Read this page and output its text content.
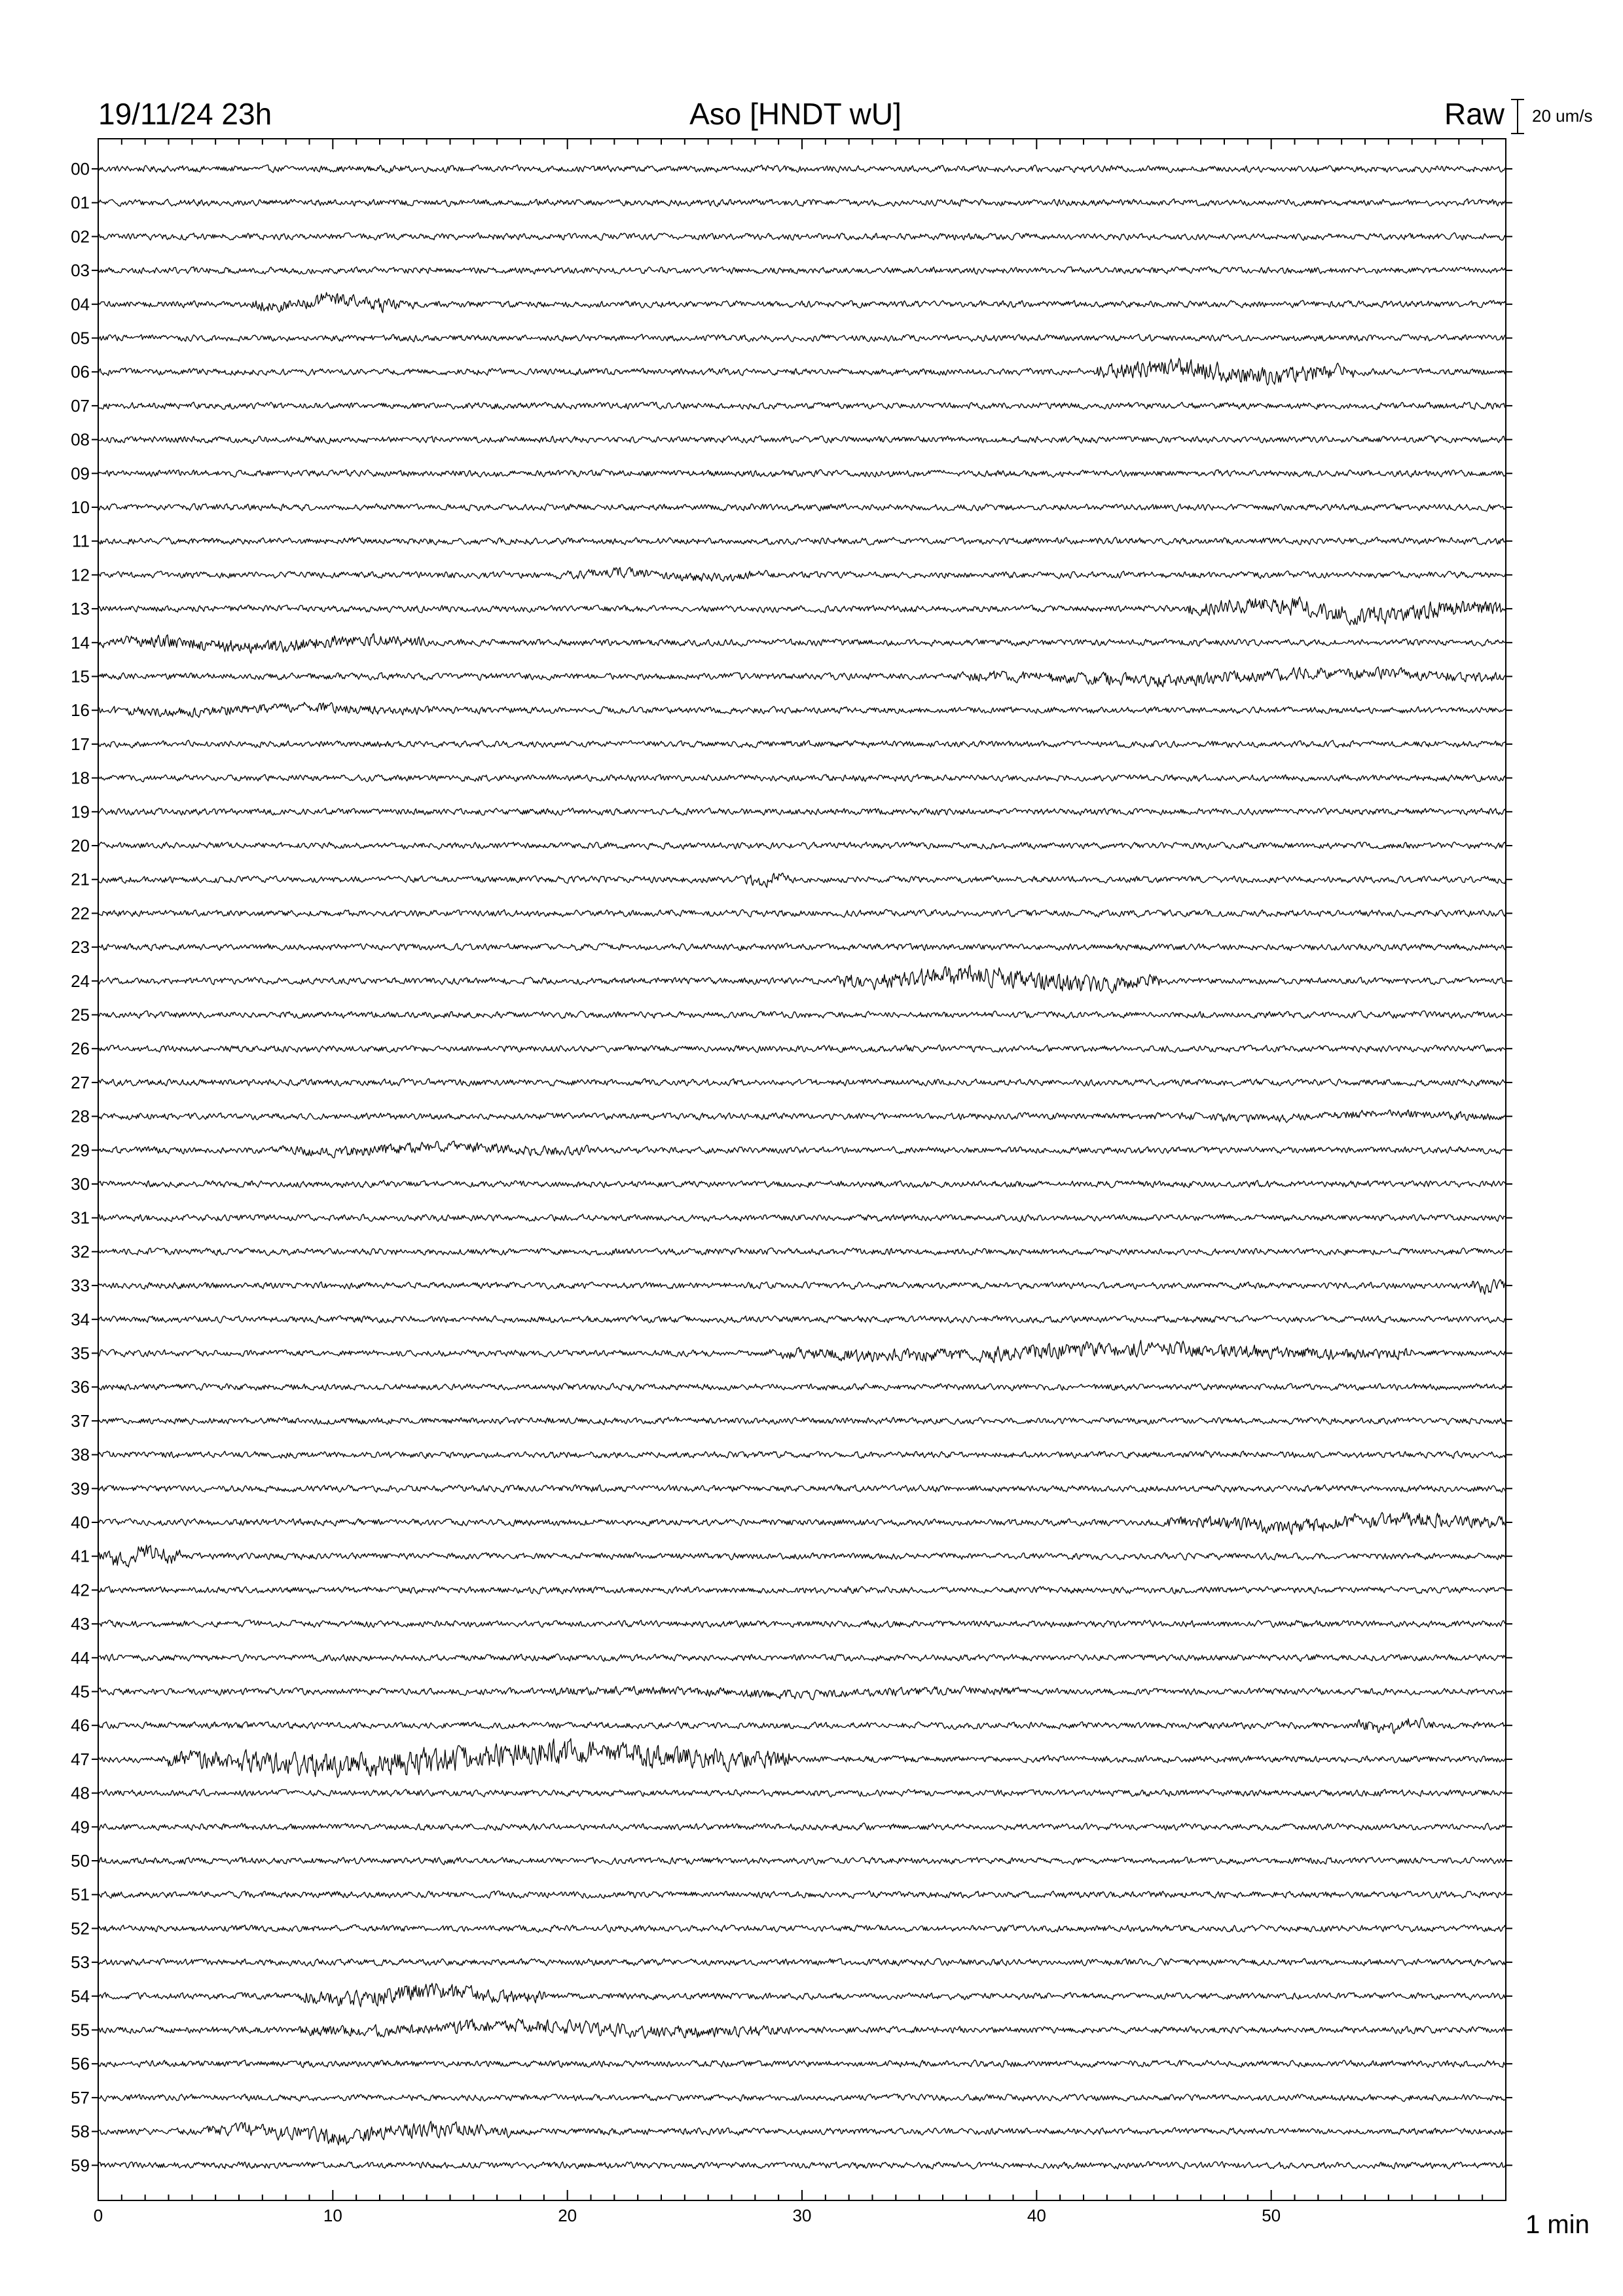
19/11/24 23h	Aso [HNDT wU]	Raw 20 um/s
00
01
02
03
04
05
06
07
08
09
10
11
12
13
14
15
16
17
18
19
20
21
22
23
24
25
26
27
28
29
30
31
32
33
34
35
36
37
38
39
40
41
42
43
44
45
46
47
48
49
50
51
52
53
54
55
56
57
58
59
0	10	20	30	40	50	1 min
